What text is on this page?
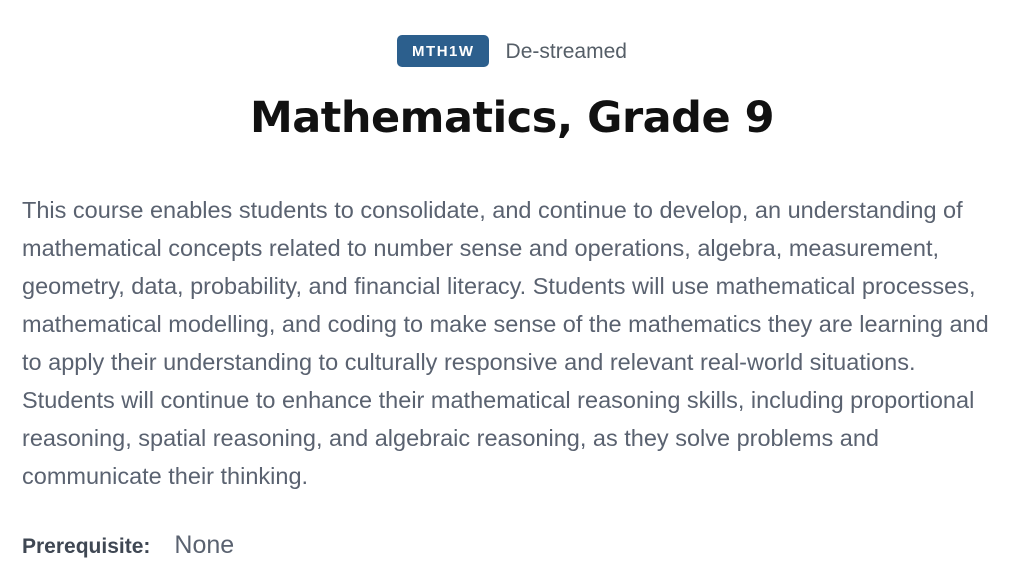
MTH1W	De-streamed
Mathematics, Grade 9

This course enables students to consolidate, and continue to develop, an understanding of mathematical concepts related to number sense and operations, algebra, measurement, geometry, data, probability, and financial literacy. Students will use mathematical processes, mathematical modelling, and coding to make sense of the mathematics they are learning and to apply their understanding to culturally responsive and relevant real-world situations. Students will continue to enhance their mathematical reasoning skills, including proportional reasoning, spatial reasoning, and algebraic reasoning, as they solve problems and communicate their thinking.

Prerequisite: None
